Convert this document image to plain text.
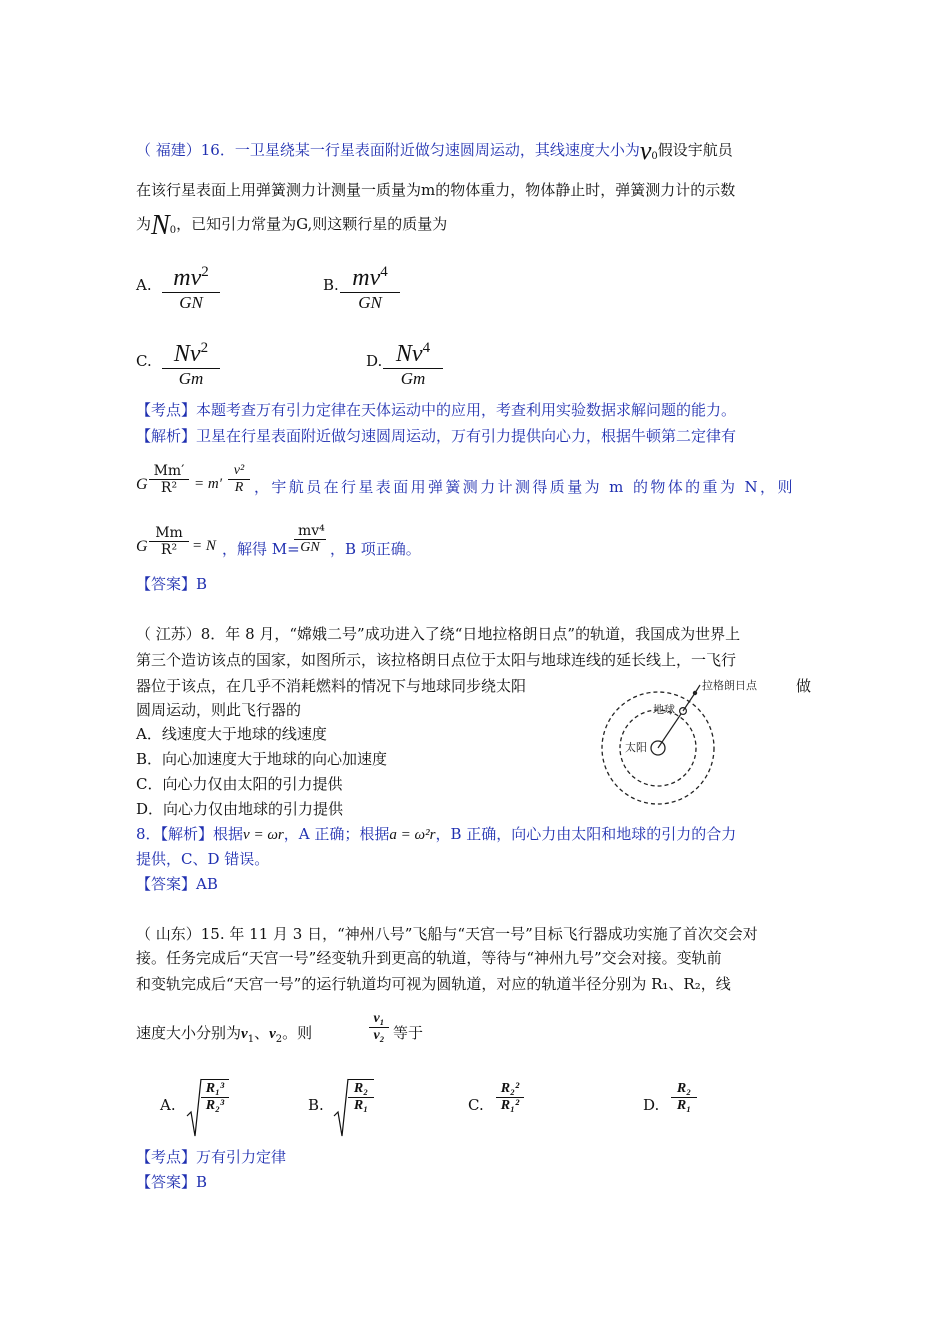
（ 福建）16．一卫星绕某一行星表面附近做匀速圆周运动，其线速度大小为$v_0$假设宇航员
在该行星表面上用弹簧测力计测量一质量为m的物体重力，物体静止时，弹簧测力计的示数
为$N_0$，已知引力常量为G,则这颗行星的质量为
A. $mv^2$
GN
B. $mv^4$
GN
C. Nv$^2$
Gm
D. Nv$^4$
Gm
【考点】本题考查万有引力定律在天体运动中的应用，考查利用实验数据求解问题的能力。
【解析】卫星在行星表面附近做匀速圆周运动，万有引力提供向心力，根据牛顿第二定律有
G
Mm′
R²	= m′
v²
R ，宇航员在行星表面用弹簧测力计测得质量为 m 的物体的重为 N，则
G
Mm
R² = N ，解得 M=
mv⁴
GN ，B 项正确。
【答案】B
（ 江苏）8．年 8 月，“嫦娥二号”成功进入了绕“日地拉格朗日点”的轨道，我国成为世界上
第三个造访该点的国家，如图所示，该拉格朗日点位于太阳与地球连线的延长线上，一飞行
器位于该点，在几乎不消耗燃料的情况下与地球同步绕太阳	做
圆周运动，则此飞行器的
A．线速度大于地球的线速度
B．向心加速度大于地球的向心加速度
C．向心力仅由太阳的引力提供
D．向心力仅由地球的引力提供
拉格朗日点
地球
太阳
8．【解析】根据v = ωr，A 正确；根据a = ω²r，B 正确，向心力由太阳和地球的引力的合力
提供，C、D 错误。
【答案】AB
（ 山东）15. 年 11 月 3 日，“神州八号”飞船与“天宫一号”目标飞行器成功实施了首次交会对
接。任务完成后“天宫一号”经变轨升到更高的轨道，等待与“神州九号”交会对接。变轨前
和变轨完成后“天宫一号”的运行轨道均可视为圆轨道，对应的轨道半径分别为 R₁、R₂，线
速度大小分别为$v_1$、$v_2$。则
v₁
v₂ 等于
A.
R₁³
R₂³	B.
R₂
R₁	C.
R₂²
R₁²	D.
R₂
R₁
【考点】万有引力定律
【答案】B
